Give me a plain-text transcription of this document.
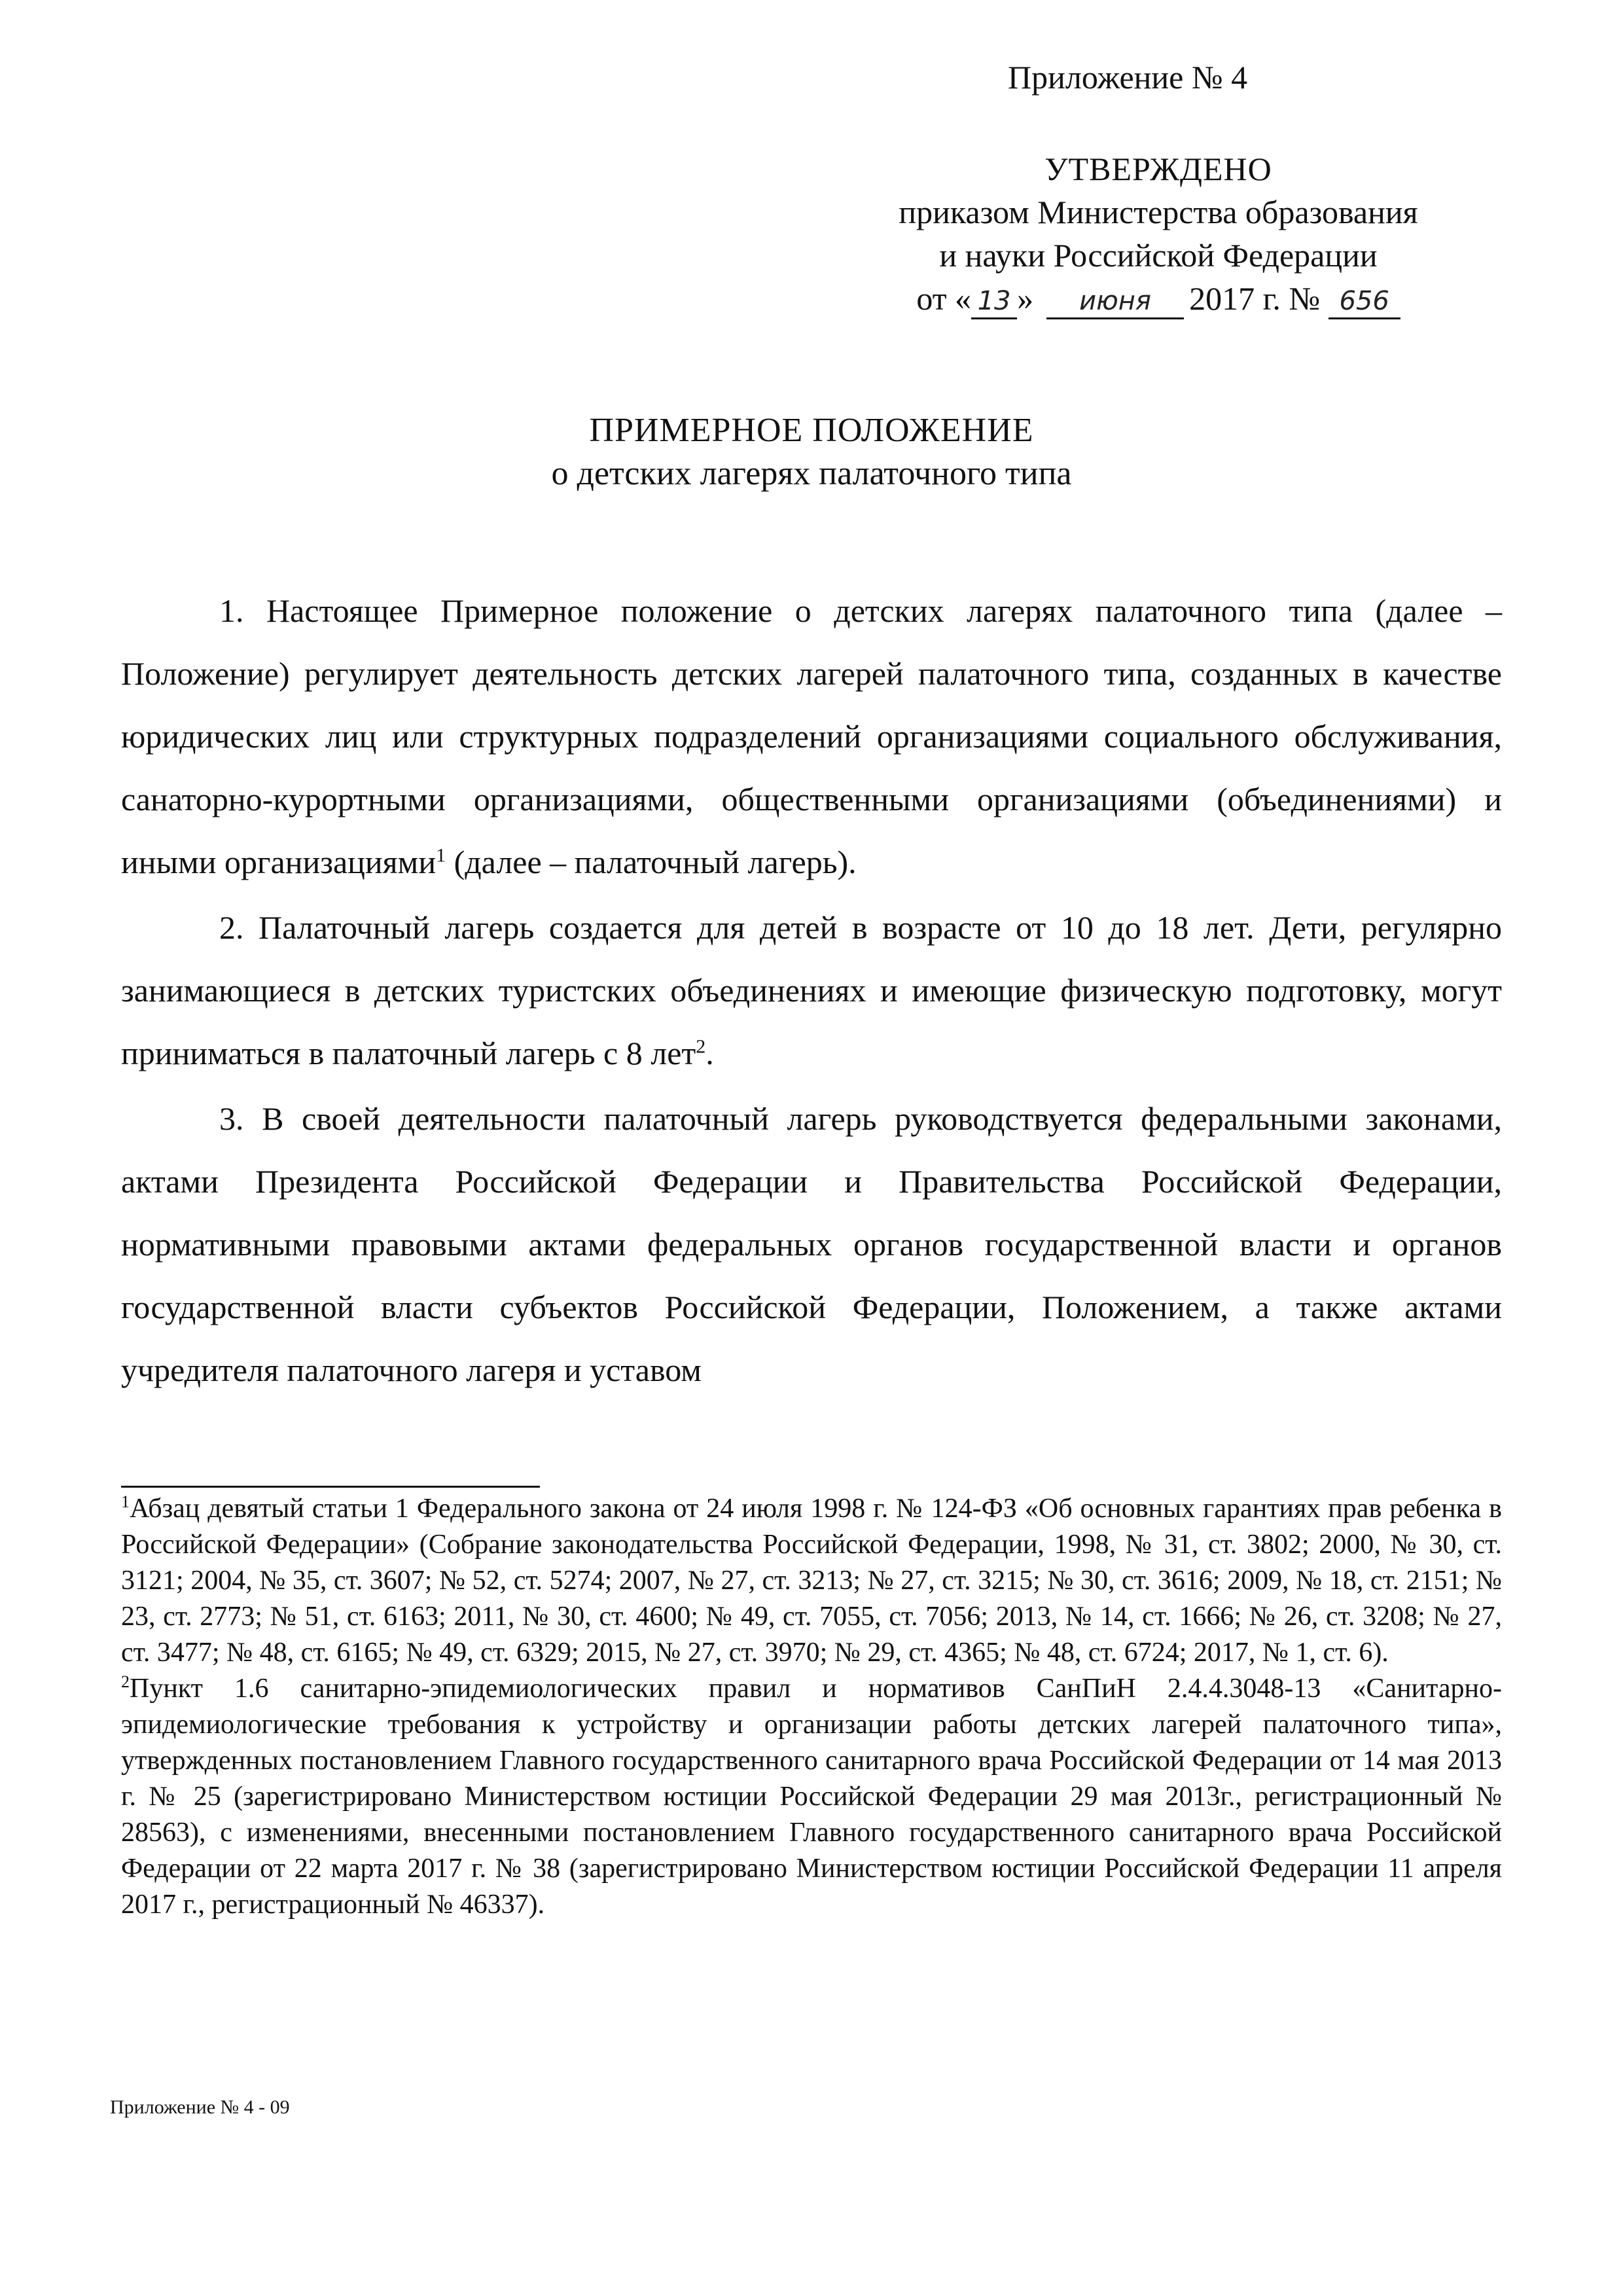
Приложение № 4
УТВЕРЖДЕНО
приказом Министерства образования
и науки Российской Федерации
от « 13 » июня 2017 г. № 656
ПРИМЕРНОЕ ПОЛОЖЕНИЕ
о детских лагерях палаточного типа

1. Настоящее Примерное положение о детских лагерях палаточного типа (далее – Положение) регулирует деятельность детских лагерей палаточного типа, созданных в качестве юридических лиц или структурных подразделений организациями социального обслуживания, санаторно-курортными организациями, общественными организациями (объединениями) и иными организациями$^1$ (далее – палаточный лагерь).

2. Палаточный лагерь создается для детей в возрасте от 10 до 18 лет. Дети, регулярно занимающиеся в детских туристских объединениях и имеющие физическую подготовку, могут приниматься в палаточный лагерь с 8 лет$^2$.

3. В своей деятельности палаточный лагерь руководствуется федеральными законами, актами Президента Российской Федерации и Правительства Российской Федерации, нормативными правовыми актами федеральных органов государственной власти и органов государственной власти субъектов Российской Федерации, Положением, а также актами учредителя палаточного лагеря и уставом

$^1$Абзац девятый статьи 1 Федерального закона от 24 июля 1998 г. № 124-ФЗ «Об основных гарантиях прав ребенка в Российской Федерации» (Собрание законодательства Российской Федерации, 1998, № 31, ст. 3802; 2000, № 30, ст. 3121; 2004, № 35, ст. 3607; № 52, ст. 5274; 2007, № 27, ст. 3213; № 27, ст. 3215; № 30, ст. 3616; 2009, № 18, ст. 2151; № 23, ст. 2773; № 51, ст. 6163; 2011, № 30, ст. 4600; № 49, ст. 7055, ст. 7056; 2013, № 14, ст. 1666; № 26, ст. 3208; № 27, ст. 3477; № 48, ст. 6165; № 49, ст. 6329; 2015, № 27, ст. 3970; № 29, ст. 4365; № 48, ст. 6724; 2017, № 1, ст. 6).

$^2$Пункт 1.6 санитарно-эпидемиологических правил и нормативов СанПиН 2.4.4.3048-13 «Санитарно-эпидемиологические требования к устройству и организации работы детских лагерей палаточного типа», утвержденных постановлением Главного государственного санитарного врача Российской Федерации от 14 мая 2013 г. № 25 (зарегистрировано Министерством юстиции Российской Федерации 29 мая 2013г., регистрационный № 28563), с изменениями, внесенными постановлением Главного государственного санитарного врача Российской Федерации от 22 марта 2017 г. № 38 (зарегистрировано Министерством юстиции Российской Федерации 11 апреля 2017 г., регистрационный № 46337).

Приложение № 4 - 09
